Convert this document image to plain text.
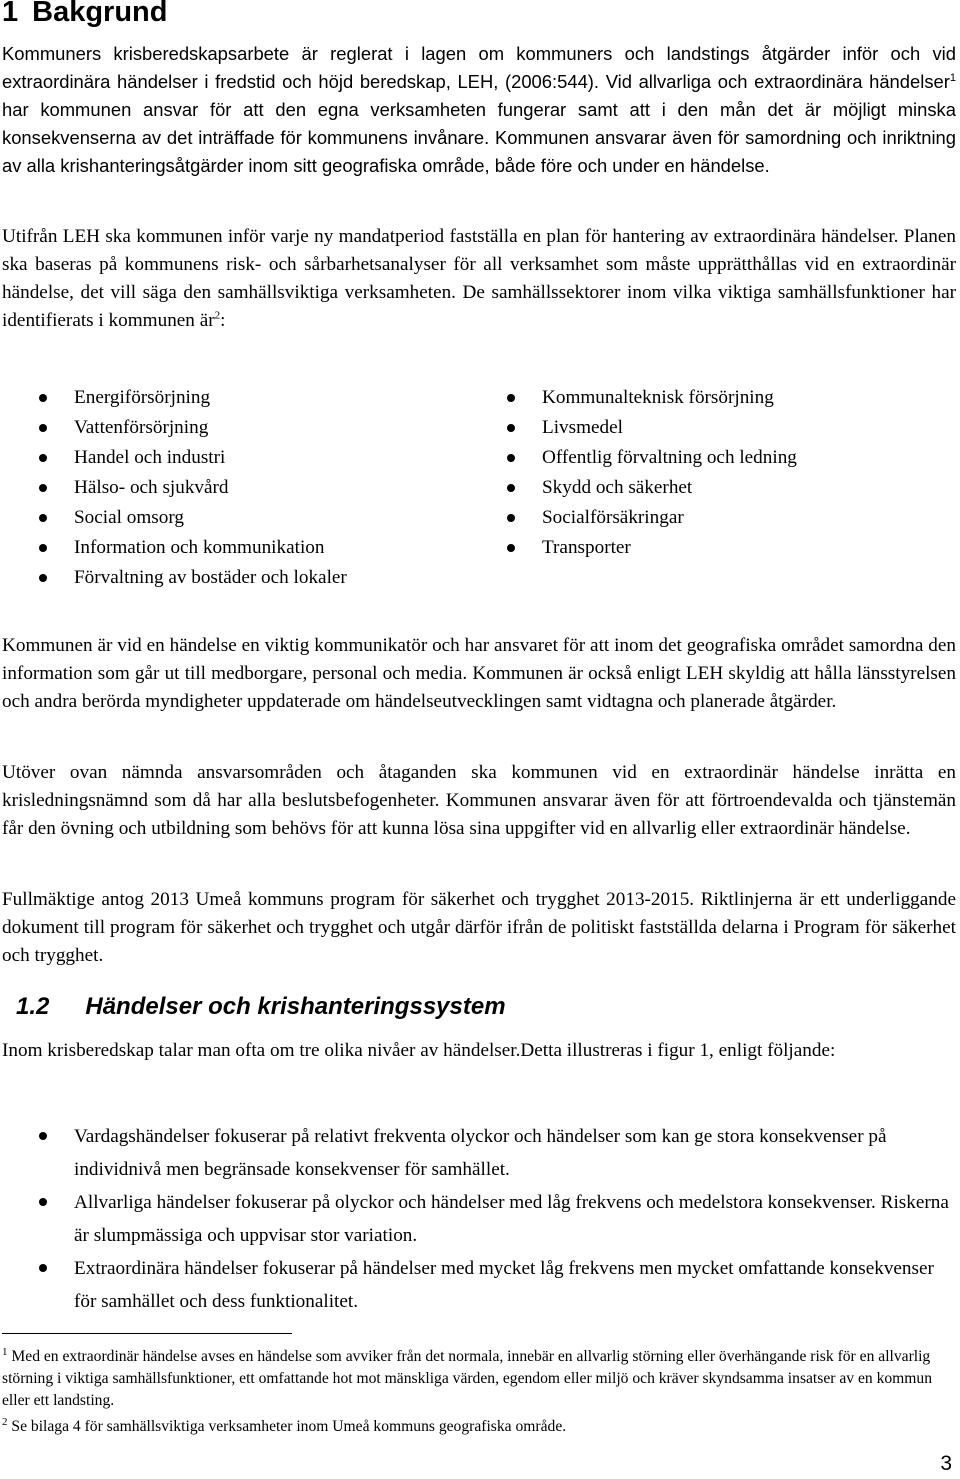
1 Bakgrund

Kommuners krisberedskapsarbete är reglerat i lagen om kommuners och landstings åtgärder inför och vid extraordinära händelser i fredstid och höjd beredskap, LEH, (2006:544). Vid allvarliga och extraordinära händelser$^1$ har kommunen ansvar för att den egna verksamheten fungerar samt att i den mån det är möjligt minska konsekvenserna av det inträffade för kommunens invånare. Kommunen ansvarar även för samordning och inriktning av alla krishanteringsåtgärder inom sitt geografiska område, både före och under en händelse.

Utifrån LEH ska kommunen inför varje ny mandatperiod fastställa en plan för hantering av extraordinära händelser. Planen ska baseras på kommunens risk- och sårbarhetsanalyser för all verksamhet som måste upprätthållas vid en extraordinär händelse, det vill säga den samhällsviktiga verksamheten. De samhällssektorer inom vilka viktiga samhällsfunktioner har identifierats i kommunen $är^2$:

Energiförsörjning
Vattenförsörjning
Handel och industri
Hälso- och sjukvård
Social omsorg
Information och kommunikation
Förvaltning av bostäder och lokaler
Kommunalteknisk försörjning
Livsmedel
Offentlig förvaltning och ledning
Skydd och säkerhet
Socialförsäkringar
Transporter

Kommunen är vid en händelse en viktig kommunikatör och har ansvaret för att inom det geografiska området samordna den information som går ut till medborgare, personal och media. Kommunen är också enligt LEH skyldig att hålla länsstyrelsen och andra berörda myndigheter uppdaterade om händelseutvecklingen samt vidtagna och planerade åtgärder.

Utöver ovan nämnda ansvarsområden och åtaganden ska kommunen vid en extraordinär händelse inrätta en krisledningsnämnd som då har alla beslutsbefogenheter. Kommunen ansvarar även för att förtroendevalda och tjänstemän får den övning och utbildning som behövs för att kunna lösa sina uppgifter vid en allvarlig eller extraordinär händelse.

Fullmäktige antog 2013 Umeå kommuns program för säkerhet och trygghet 2013-2015. Riktlinjerna är ett underliggande dokument till program för säkerhet och trygghet och utgår därför ifrån de politiskt fastställda delarna i Program för säkerhet och trygghet.

1.2 Händelser och krishanteringssystem

Inom krisberedskap talar man ofta om tre olika nivåer av händelser.Detta illustreras i figur 1, enligt följande:

Vardagshändelser fokuserar på relativt frekventa olyckor och händelser som kan ge stora konsekvenser på individnivå men begränsade konsekvenser för samhället.
Allvarliga händelser fokuserar på olyckor och händelser med låg frekvens och medelstora konsekvenser. Riskerna är slumpmässiga och uppvisar stor variation.
Extraordinära händelser fokuserar på händelser med mycket låg frekvens men mycket omfattande konsekvenser för samhället och dess funktionalitet.

$^1$ Med en extraordinär händelse avses en händelse som avviker från det normala, innebär en allvarlig störning eller överhängande risk för en allvarlig störning i viktiga samhällsfunktioner, ett omfattande hot mot mänskliga värden, egendom eller miljö och kräver skyndsamma insatser av en kommun eller ett landsting.

$^2$ Se bilaga 4 för samhällsviktiga verksamheter inom Umeå kommuns geografiska område.

3
